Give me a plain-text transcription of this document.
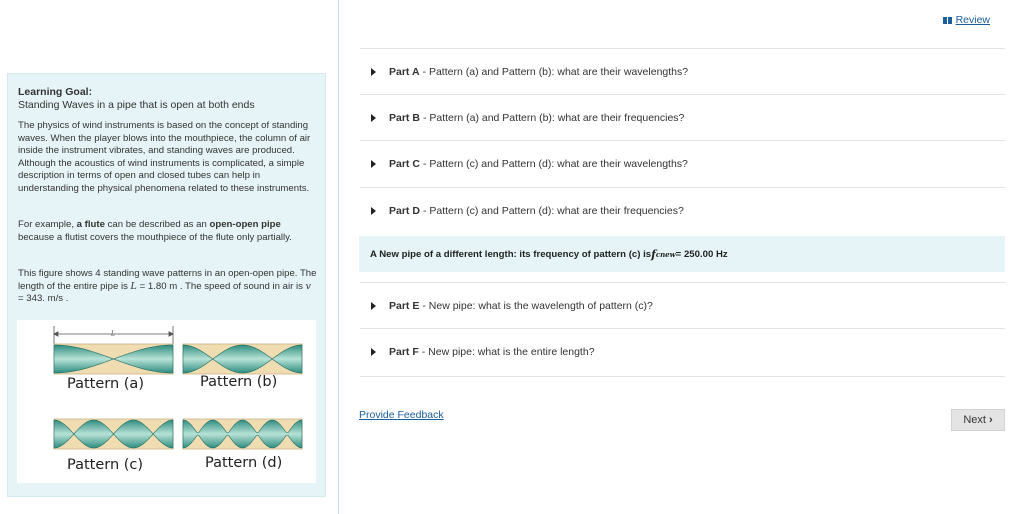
Review
Learning Goal:
Standing Waves in a pipe that is open at both ends
The physics of wind instruments is based on the concept of standing waves. When the player blows into the mouthpiece, the column of air inside the instrument vibrates, and standing waves are produced. Although the acoustics of wind instruments is complicated, a simple description in terms of open and closed tubes can help in understanding the physical phenomena related to these instruments.
For example, a flute can be described as an open-open pipe because a flutist covers the mouthpiece of the flute only partially.
This figure shows 4 standing wave patterns in an open-open pipe. The length of the entire pipe is L = 1.80 m . The speed of sound in air is v = 343. m/s .
L
Pattern (a)	Pattern (b)
Pattern (c)	Pattern (d)
Part A - Pattern (a) and Pattern (b): what are their wavelengths?
Part B - Pattern (a) and Pattern (b): what are their frequencies?
Part C - Pattern (c) and Pattern (d): what are their wavelengths?
Part D - Pattern (c) and Pattern (d): what are their frequencies?
Part E - New pipe: what is the wavelength of pattern (c)?
Part F - New pipe: what is the entire length?
A New pipe of a different length: its frequency of pattern (c) is f cnew = 250.00 Hz
Provide Feedback	Next ›
